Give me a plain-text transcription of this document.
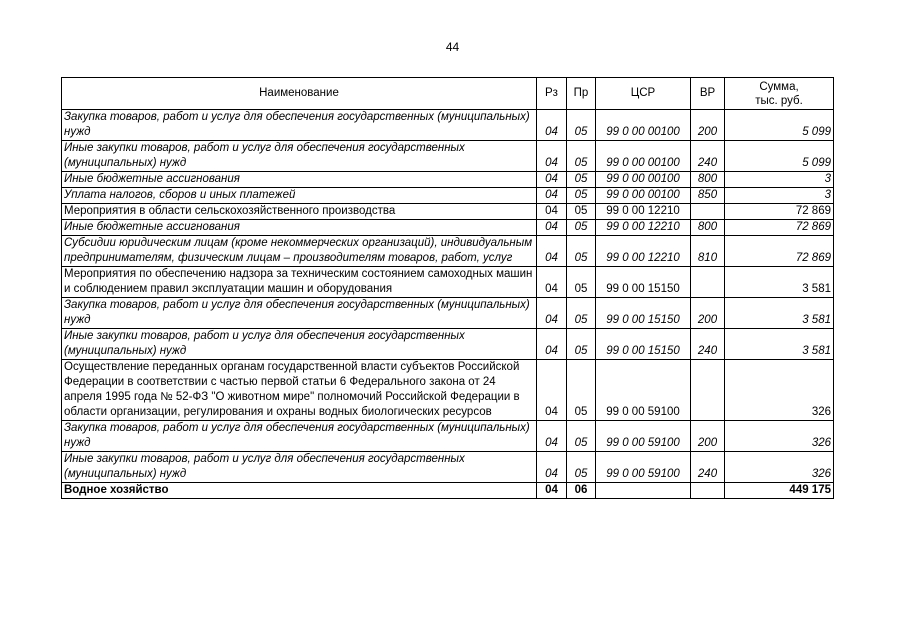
44
Наименование	Рз	Пр	ЦСР	ВР	Сумма,
тыс. руб.
Закупка товаров, работ и услуг для обеспечения государственных (муниципальных) нужд	04	05	99 0 00 00100	200	5 099
Иные закупки товаров, работ и услуг для обеспечения государственных (муниципальных) нужд	04	05	99 0 00 00100	240	5 099
Иные бюджетные ассигнования	04	05	99 0 00 00100	800	3
Уплата налогов, сборов и иных платежей	04	05	99 0 00 00100	850	3
Мероприятия в области сельскохозяйственного производства	04	05	99 0 00 12210		72 869
Иные бюджетные ассигнования	04	05	99 0 00 12210	800	72 869
Субсидии юридическим лицам (кроме некоммерческих организаций), индивидуальным предпринимателям, физическим лицам – производителям товаров, работ, услуг	04	05	99 0 00 12210	810	72 869
Мероприятия по обеспечению надзора за техническим состоянием самоходных машин и соблюдением правил эксплуатации машин и оборудования	04	05	99 0 00 15150		3 581
Закупка товаров, работ и услуг для обеспечения государственных (муниципальных) нужд	04	05	99 0 00 15150	200	3 581
Иные закупки товаров, работ и услуг для обеспечения государственных (муниципальных) нужд	04	05	99 0 00 15150	240	3 581
Осуществление переданных органам государственной власти субъектов Российской Федерации в соответствии с частью первой статьи 6 Федерального закона от 24 апреля 1995 года № 52-ФЗ "О животном мире" полномочий Российской Федерации в области организации, регулирования и охраны водных биологических ресурсов	04	05	99 0 00 59100		326
Закупка товаров, работ и услуг для обеспечения государственных (муниципальных) нужд	04	05	99 0 00 59100	200	326
Иные закупки товаров, работ и услуг для обеспечения государственных (муниципальных) нужд	04	05	99 0 00 59100	240	326
Водное хозяйство	04	06			449 175
